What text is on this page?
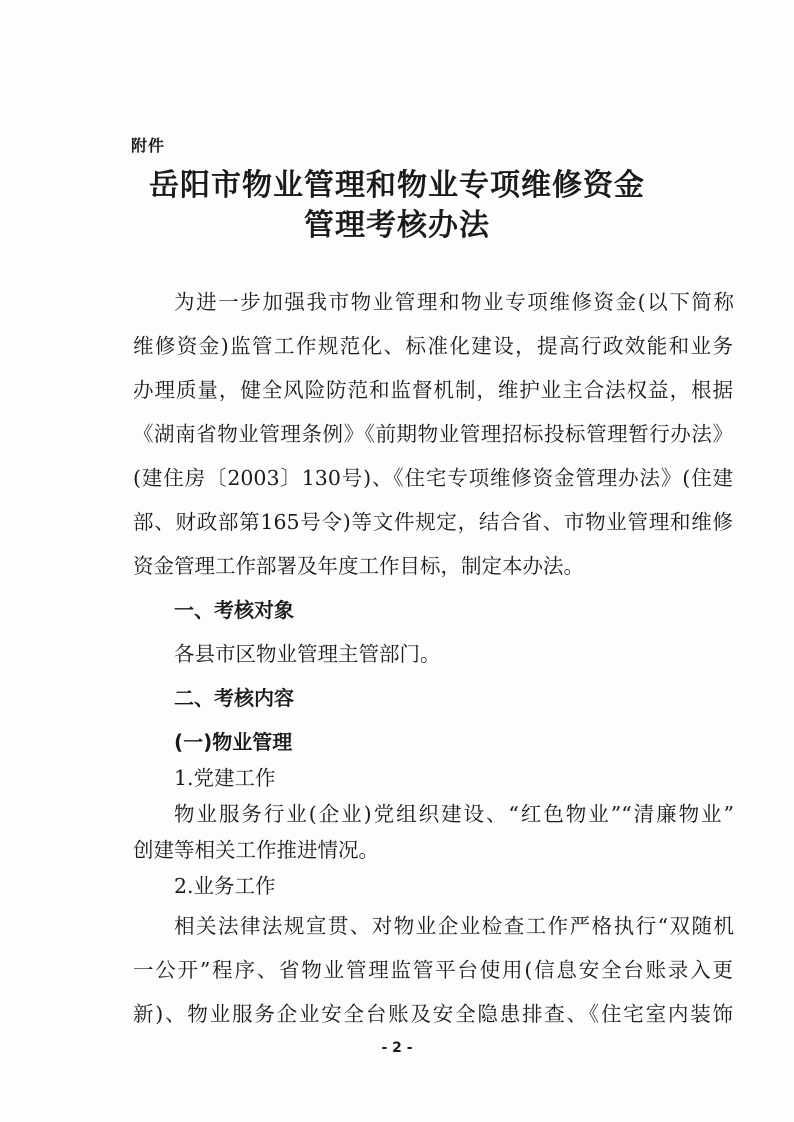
附件
岳阳市物业管理和物业专项维修资金
管理考核办法
为进一步加强我市物业管理和物业专项维修资金(以下简称
维修资金)监管工作规范化、标准化建设，提高行政效能和业务
办理质量，健全风险防范和监督机制，维护业主合法权益，根据
《湖南省物业管理条例》《前期物业管理招标投标管理暂行办法》
(建住房〔2003〕130号)、《住宅专项维修资金管理办法》(住建
部、财政部第165号令)等文件规定，结合省、市物业管理和维修
资金管理工作部署及年度工作目标，制定本办法。
一、考核对象
各县市区物业管理主管部门。
二、考核内容
(一)物业管理
1.党建工作
物业服务行业(企业)党组织建设、“红色物业”“清廉物业”
创建等相关工作推进情况。
2.业务工作
相关法律法规宣贯、对物业企业检查工作严格执行“双随机
一公开”程序、省物业管理监管平台使用(信息安全台账录入更
- 2 -
新)、物业服务企业安全台账及安全隐患排查、《住宅室内装饰
